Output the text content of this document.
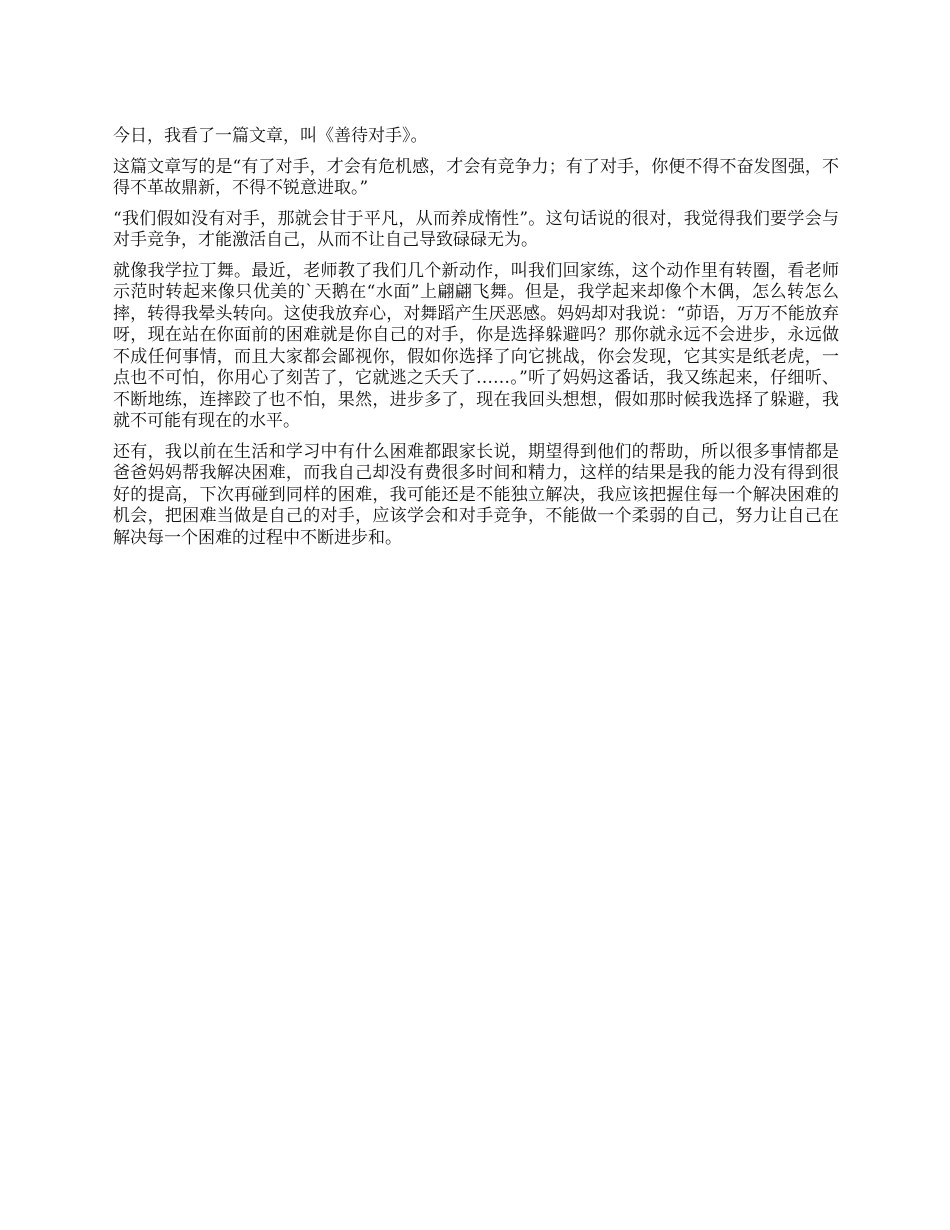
今日，我看了一篇文章，叫《善待对手》。

这篇文章写的是“有了对手，才会有危机感，才会有竞争力；有了对手，你便不得不奋发图强，不得不革故鼎新，不得不锐意进取。”

“我们假如没有对手，那就会甘于平凡，从而养成惰性”。这句话说的很对，我觉得我们要学会与对手竞争，才能激活自己，从而不让自己导致碌碌无为。

就像我学拉丁舞。最近，老师教了我们几个新动作，叫我们回家练，这个动作里有转圈，看老师示范时转起来像只优美的`天鹅在“水面”上翩翩飞舞。但是，我学起来却像个木偶，怎么转怎么摔，转得我晕头转向。这使我放弃心，对舞蹈产生厌恶感。妈妈却对我说：“茆语，万万不能放弃呀，现在站在你面前的困难就是你自己的对手，你是选择躲避吗？那你就永远不会进步，永远做不成任何事情，而且大家都会鄙视你，假如你选择了向它挑战，你会发现，它其实是纸老虎，一点也不可怕，你用心了刻苦了，它就逃之夭夭了……。”听了妈妈这番话，我又练起来，仔细听、不断地练，连摔跤了也不怕，果然，进步多了，现在我回头想想，假如那时候我选择了躲避，我就不可能有现在的水平。

还有，我以前在生活和学习中有什么困难都跟家长说，期望得到他们的帮助，所以很多事情都是爸爸妈妈帮我解决困难，而我自己却没有费很多时间和精力，这样的结果是我的能力没有得到很好的提高，下次再碰到同样的困难，我可能还是不能独立解决，我应该把握住每一个解决困难的机会，把困难当做是自己的对手，应该学会和对手竞争，不能做一个柔弱的自己，努力让自己在解决每一个困难的过程中不断进步和。
